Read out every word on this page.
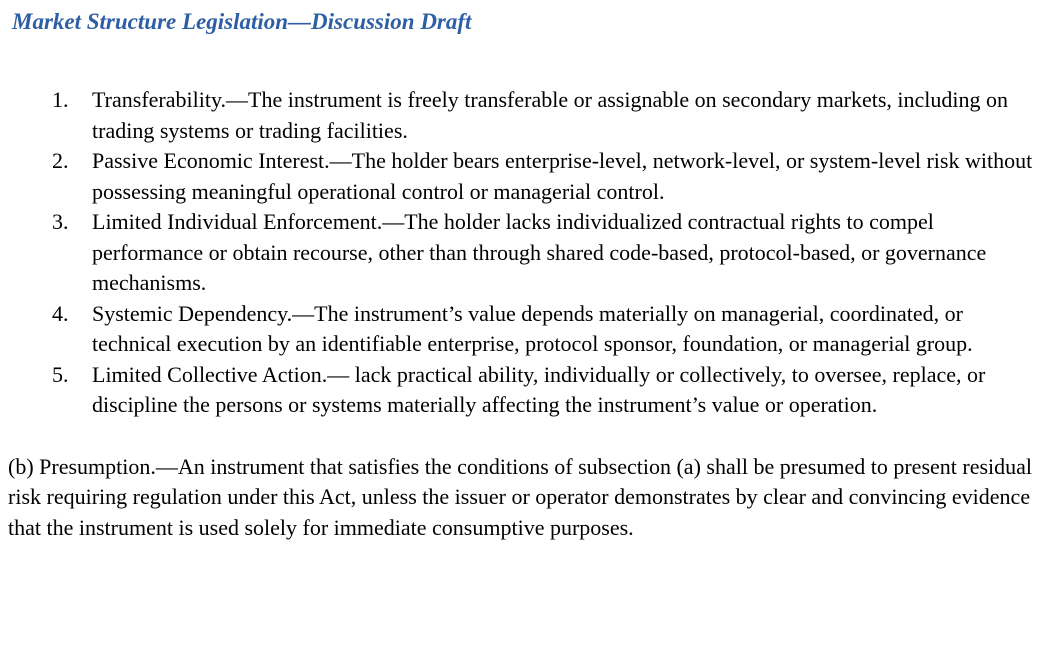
Market Structure Legislation—Discussion Draft
1. Transferability.—The instrument is freely transferable or assignable on secondary markets, including on trading systems or trading facilities.
2. Passive Economic Interest.—The holder bears enterprise-level, network-level, or system-level risk without possessing meaningful operational control or managerial control.
3. Limited Individual Enforcement.—The holder lacks individualized contractual rights to compel performance or obtain recourse, other than through shared code-based, protocol-based, or governance mechanisms.
4. Systemic Dependency.—The instrument’s value depends materially on managerial, coordinated, or technical execution by an identifiable enterprise, protocol sponsor, foundation, or managerial group.
5. Limited Collective Action.— lack practical ability, individually or collectively, to oversee, replace, or discipline the persons or systems materially affecting the instrument’s value or operation.

(b) Presumption.—An instrument that satisfies the conditions of subsection (a) shall be presumed to present residual risk requiring regulation under this Act, unless the issuer or operator demonstrates by clear and convincing evidence that the instrument is used solely for immediate consumptive purposes.
